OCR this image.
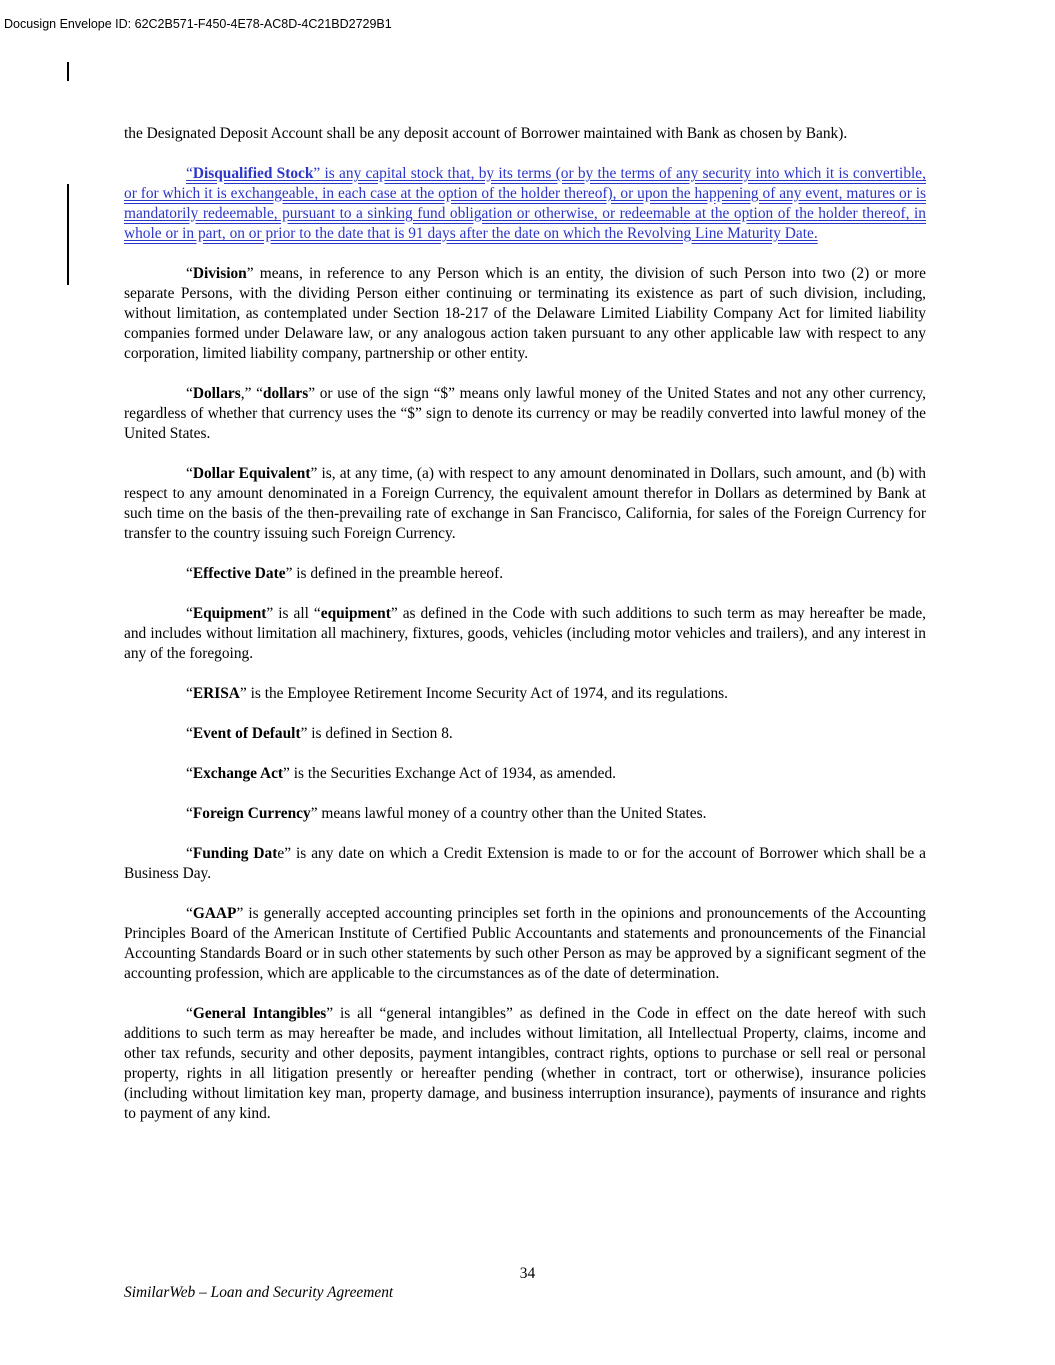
Docusign Envelope ID: 62C2B571-F450-4E78-AC8D-4C21BD2729B1

the Designated Deposit Account shall be any deposit account of Borrower maintained with Bank as chosen by Bank).

“Disqualified Stock” is any capital stock that, by its terms (or by the terms of any security into which it is convertible, or for which it is exchangeable, in each case at the option of the holder thereof), or upon the happening of any event, matures or is mandatorily redeemable, pursuant to a sinking fund obligation or otherwise, or redeemable at the option of the holder thereof, in whole or in part, on or prior to the date that is 91 days after the date on which the Revolving Line Maturity Date.

“Division” means, in reference to any Person which is an entity, the division of such Person into two (2) or more separate Persons, with the dividing Person either continuing or terminating its existence as part of such division, including, without limitation, as contemplated under Section 18-217 of the Delaware Limited Liability Company Act for limited liability companies formed under Delaware law, or any analogous action taken pursuant to any other applicable law with respect to any corporation, limited liability company, partnership or other entity.

“Dollars,” “dollars” or use of the sign “$” means only lawful money of the United States and not any other currency, regardless of whether that currency uses the “$” sign to denote its currency or may be readily converted into lawful money of the United States.

“Dollar Equivalent” is, at any time, (a) with respect to any amount denominated in Dollars, such amount, and (b) with respect to any amount denominated in a Foreign Currency, the equivalent amount therefor in Dollars as determined by Bank at such time on the basis of the then-prevailing rate of exchange in San Francisco, California, for sales of the Foreign Currency for transfer to the country issuing such Foreign Currency.

“Effective Date” is defined in the preamble hereof.

“Equipment” is all “equipment” as defined in the Code with such additions to such term as may hereafter be made, and includes without limitation all machinery, fixtures, goods, vehicles (including motor vehicles and trailers), and any interest in any of the foregoing.

“ERISA” is the Employee Retirement Income Security Act of 1974, and its regulations.

“Event of Default” is defined in Section 8.

“Exchange Act” is the Securities Exchange Act of 1934, as amended.

“Foreign Currency” means lawful money of a country other than the United States.

“Funding Date” is any date on which a Credit Extension is made to or for the account of Borrower which shall be a Business Day.

“GAAP” is generally accepted accounting principles set forth in the opinions and pronouncements of the Accounting Principles Board of the American Institute of Certified Public Accountants and statements and pronouncements of the Financial Accounting Standards Board or in such other statements by such other Person as may be approved by a significant segment of the accounting profession, which are applicable to the circumstances as of the date of determination.

“General Intangibles” is all “general intangibles” as defined in the Code in effect on the date hereof with such additions to such term as may hereafter be made, and includes without limitation, all Intellectual Property, claims, income and other tax refunds, security and other deposits, payment intangibles, contract rights, options to purchase or sell real or personal property, rights in all litigation presently or hereafter pending (whether in contract, tort or otherwise), insurance policies (including without limitation key man, property damage, and business interruption insurance), payments of insurance and rights to payment of any kind.

34
SimilarWeb – Loan and Security Agreement
